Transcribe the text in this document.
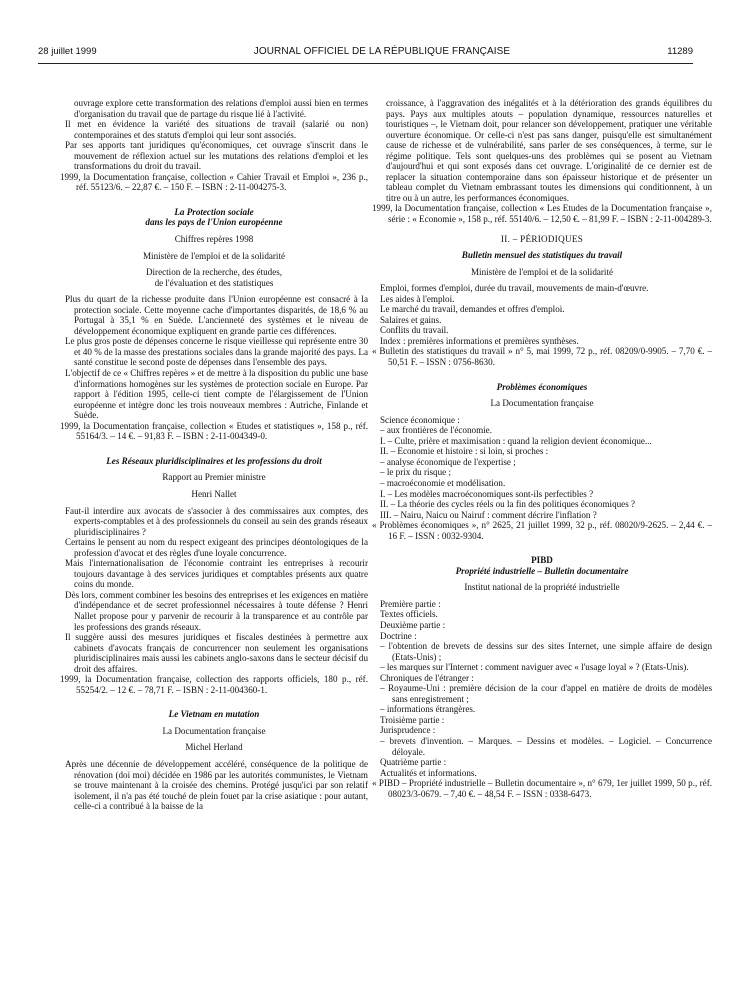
28 juillet 1999	JOURNAL OFFICIEL DE LA RÉPUBLIQUE FRANÇAISE	11289

ouvrage explore cette transformation des relations d'emploi aussi bien en termes d'organisation du travail que de partage du risque lié à l'activité.

Il met en évidence la variété des situations de travail (salarié ou non) contemporaines et des statuts d'emploi qui leur sont associés.

Par ses apports tant juridiques qu'économiques, cet ouvrage s'inscrit dans le mouvement de réflexion actuel sur les mutations des relations d'emploi et les transformations du droit du travail.

1999, la Documentation française, collection « Cahier Travail et Emploi », 236 p., réf. 55123/6. – 22,87 €. – 150 F. – ISBN : 2-11-004275-3.

La Protection sociale

dans les pays de l'Union européenne

Chiffres repères 1998

Ministère de l'emploi et de la solidarité

Direction de la recherche, des études,

de l'évaluation et des statistiques

Plus du quart de la richesse produite dans l'Union européenne est consacré à la protection sociale. Cette moyenne cache d'importantes disparités, de 18,6 % au Portugal à 35,1 % en Suède. L'ancienneté des systèmes et le niveau de développement économique expliquent en grande partie ces différences.

Le plus gros poste de dépenses concerne le risque vieillesse qui représente entre 30 et 40 % de la masse des prestations sociales dans la grande majorité des pays. La santé constitue le second poste de dépenses dans l'ensemble des pays.

L'objectif de ce « Chiffres repères » et de mettre à la disposition du public une base d'informations homogènes sur les systèmes de protection sociale en Europe. Par rapport à l'édition 1995, celle-ci tient compte de l'élargissement de l'Union européenne et intègre donc les trois nouveaux membres : Autriche, Finlande et Suède.

1999, la Documentation française, collection « Etudes et statistiques », 158 p., réf. 55164/3. – 14 €. – 91,83 F. – ISBN : 2-11-004349-0.

Les Réseaux pluridisciplinaires et les professions du droit

Rapport au Premier ministre

Henri Nallet

Faut-il interdire aux avocats de s'associer à des commissaires aux comptes, des experts-comptables et à des professionnels du conseil au sein des grands réseaux pluridisciplinaires ?

Certains le pensent au nom du respect exigeant des principes déontologiques de la profession d'avocat et des règles d'une loyale concurrence.

Mais l'internationalisation de l'économie contraint les entreprises à recourir toujours davantage à des services juridiques et comptables présents aux quatre coins du monde.

Dès lors, comment combiner les besoins des entreprises et les exigences en matière d'indépendance et de secret professionnel nécessaires à toute défense ? Henri Nallet propose pour y parvenir de recourir à la transparence et au contrôle par les professions des grands réseaux.

Il suggère aussi des mesures juridiques et fiscales destinées à permettre aux cabinets d'avocats français de concurrencer non seulement les organisations pluridisciplinaires mais aussi les cabinets anglo-saxons dans le secteur décisif du droit des affaires.

1999, la Documentation française, collection des rapports officiels, 180 p., réf. 55254/2. – 12 €. – 78,71 F. – ISBN : 2-11-004360-1.

Le Vietnam en mutation

La Documentation française

Michel Herland

Après une décennie de développement accéléré, conséquence de la politique de rénovation (doi moi) décidée en 1986 par les autorités communistes, le Vietnam se trouve maintenant à la croisée des chemins. Protégé jusqu'ici par son relatif isolement, il n'a pas été touché de plein fouet par la crise asiatique : pour autant, celle-ci a contribué à la baisse de la

croissance, à l'aggravation des inégalités et à la détérioration des grands équilibres du pays. Pays aux multiples atouts – population dynamique, ressources naturelles et touristiques –, le Vietnam doit, pour relancer son développement, pratiquer une véritable ouverture économique. Or celle-ci n'est pas sans danger, puisqu'elle est simultanément cause de richesse et de vulnérabilité, sans parler de ses conséquences, à terme, sur le régime politique. Tels sont quelques-uns des problèmes qui se posent au Vietnam d'aujourd'hui et qui sont exposés dans cet ouvrage. L'originalité de ce dernier est de replacer la situation contemporaine dans son épaisseur historique et de présenter un tableau complet du Vietnam embrassant toutes les dimensions qui conditionnent, à un titre ou à un autre, les performances économiques.

1999, la Documentation française, collection « Les Etudes de la Documentation française », série : « Economie », 158 p., réf. 55140/6. – 12,50 €. – 81,99 F. – ISBN : 2-11-004289-3.

II. – PÉRIODIQUES

Bulletin mensuel des statistiques du travail

Ministère de l'emploi et de la solidarité

Emploi, formes d'emploi, durée du travail, mouvements de main-d'œuvre.

Les aides à l'emploi.

Le marché du travail, demandes et offres d'emploi.

Salaires et gains.

Conflits du travail.

Index : premières informations et premières synthèses.

« Bulletin des statistiques du travail » n° 5, mai 1999, 72 p., réf. 08209/0-9905. – 7,70 €. – 50,51 F. – ISSN : 0756-8630.

Problèmes économiques

La Documentation française

Science économique :

– aux frontières de l'économie.

I. – Culte, prière et maximisation : quand la religion devient économique...

II. – Economie et histoire : si loin, si proches :

– analyse économique de l'expertise ;

– le prix du risque ;

– macroéconomie et modélisation.

I. – Les modèles macroéconomiques sont-ils perfectibles ?

II. – La théorie des cycles réels ou la fin des politiques économiques ?

III. – Nairu, Naicu ou Nairuf : comment décrire l'inflation ?

« Problèmes économiques », n° 2625, 21 juillet 1999, 32 p., réf. 08020/9-2625. – 2,44 €. – 16 F. – ISSN : 0032-9304.

PIBD

Propriété industrielle – Bulletin documentaire

Institut national de la propriété industrielle

Première partie :

Textes officiels.

Deuxième partie :

Doctrine :

– l'obtention de brevets de dessins sur des sites Internet, une simple affaire de design (Etats-Unis) ;

– les marques sur l'Internet : comment naviguer avec « l'usage loyal » ? (Etats-Unis).

Chroniques de l'étranger :

– Royaume-Uni : première décision de la cour d'appel en matière de droits de modèles sans enregistrement ;

– informations étrangères.

Troisième partie :

Jurisprudence :

– brevets d'invention. – Marques. – Dessins et modèles. – Logiciel. – Concurrence déloyale.

Quatrième partie :

Actualités et informations.

« PIBD – Propriété industrielle – Bulletin documentaire », n° 679, 1er juillet 1999, 50 p., réf. 08023/3-0679. – 7,40 €. – 48,54 F. – ISSN : 0338-6473.
